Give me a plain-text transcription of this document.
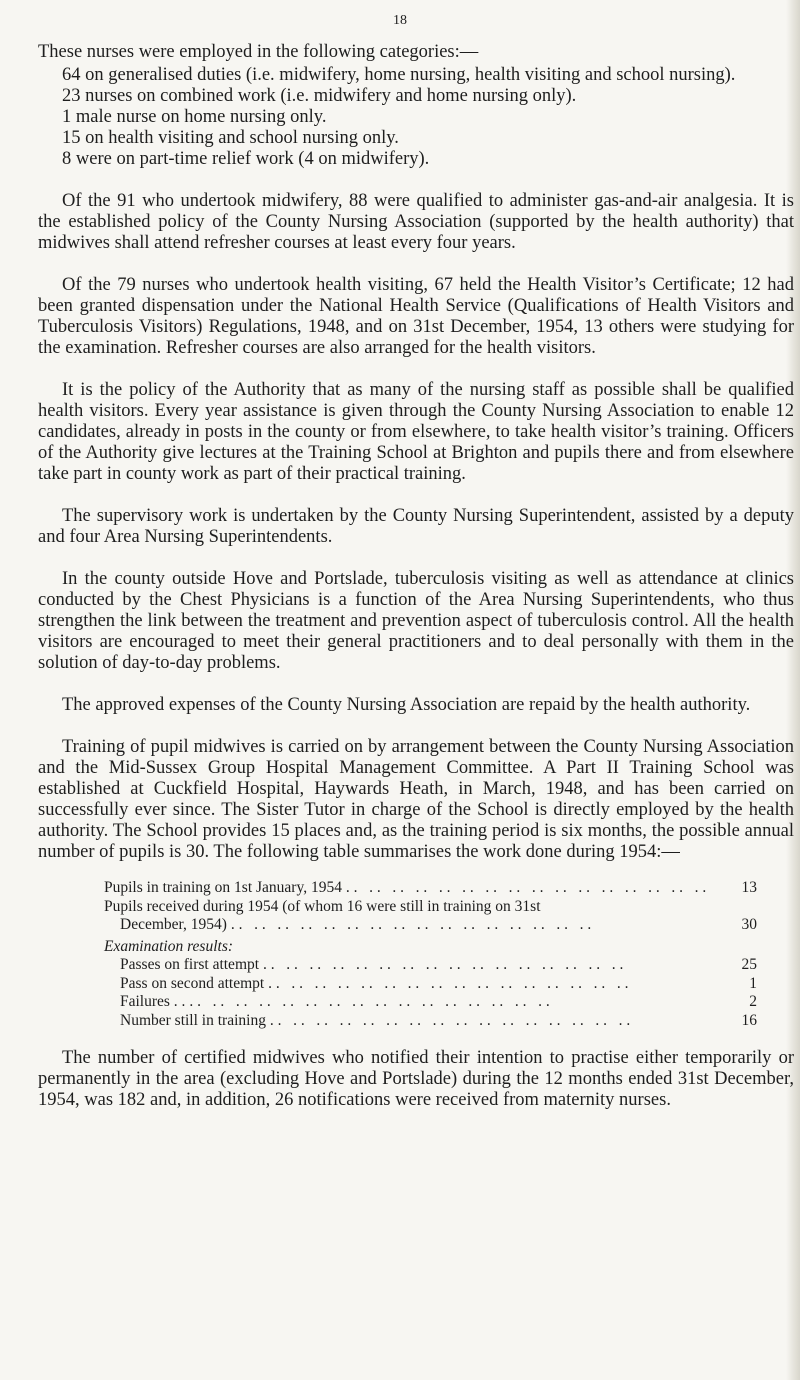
18

These nurses were employed in the following categories:—

64 on generalised duties (i.e. midwifery, home nursing, health visiting and school nursing).

23 nurses on combined work (i.e. midwifery and home nursing only).

1 male nurse on home nursing only.

15 on health visiting and school nursing only.

8 were on part-time relief work (4 on midwifery).

Of the 91 who undertook midwifery, 88 were qualified to administer gas-and-air analgesia. It is the established policy of the County Nursing Association (supported by the health authority) that midwives shall attend refresher courses at least every four years.

Of the 79 nurses who undertook health visiting, 67 held the Health Visitor’s Certificate; 12 had been granted dispensation under the National Health Service (Qualifications of Health Visitors and Tuberculosis Visitors) Regulations, 1948, and on 31st December, 1954, 13 others were studying for the examination. Refresher courses are also arranged for the health visitors.

It is the policy of the Authority that as many of the nursing staff as possible shall be qualified health visitors. Every year assistance is given through the County Nursing Association to enable 12 candidates, already in posts in the county or from elsewhere, to take health visitor’s training. Officers of the Authority give lectures at the Training School at Brighton and pupils there and from elsewhere take part in county work as part of their practical training.

The supervisory work is undertaken by the County Nursing Superintendent, assisted by a deputy and four Area Nursing Superintendents.

In the county outside Hove and Portslade, tuberculosis visiting as well as attendance at clinics conducted by the Chest Physicians is a function of the Area Nursing Superintendents, who thus strengthen the link between the treatment and prevention aspect of tuberculosis control. All the health visitors are encouraged to meet their general practitioners and to deal personally with them in the solution of day-to-day problems.

The approved expenses of the County Nursing Association are repaid by the health authority.

Training of pupil midwives is carried on by arrangement between the County Nursing Association and the Mid-Sussex Group Hospital Management Committee. A Part II Training School was established at Cuckfield Hospital, Haywards Heath, in March, 1948, and has been carried on successfully ever since. The Sister Tutor in charge of the School is directly employed by the health authority. The School provides 15 places and, as the training period is six months, the possible annual number of pupils is 30. The following table summarises the work done during 1954:—

Pupils in training on 1st January, 1954 . .	13
Pupils received during 1954 (of whom 16 were still in training on 31st
December, 1954) . .	30
Examination results:
Passes on first attempt . .	25
Pass on second attempt . .	1
Failures . . . .	2
Number still in training . .	16

The number of certified midwives who notified their intention to practise either temporarily or permanently in the area (excluding Hove and Portslade) during the 12 months ended 31st December, 1954, was 182 and, in addition, 26 notifications were received from maternity nurses.
